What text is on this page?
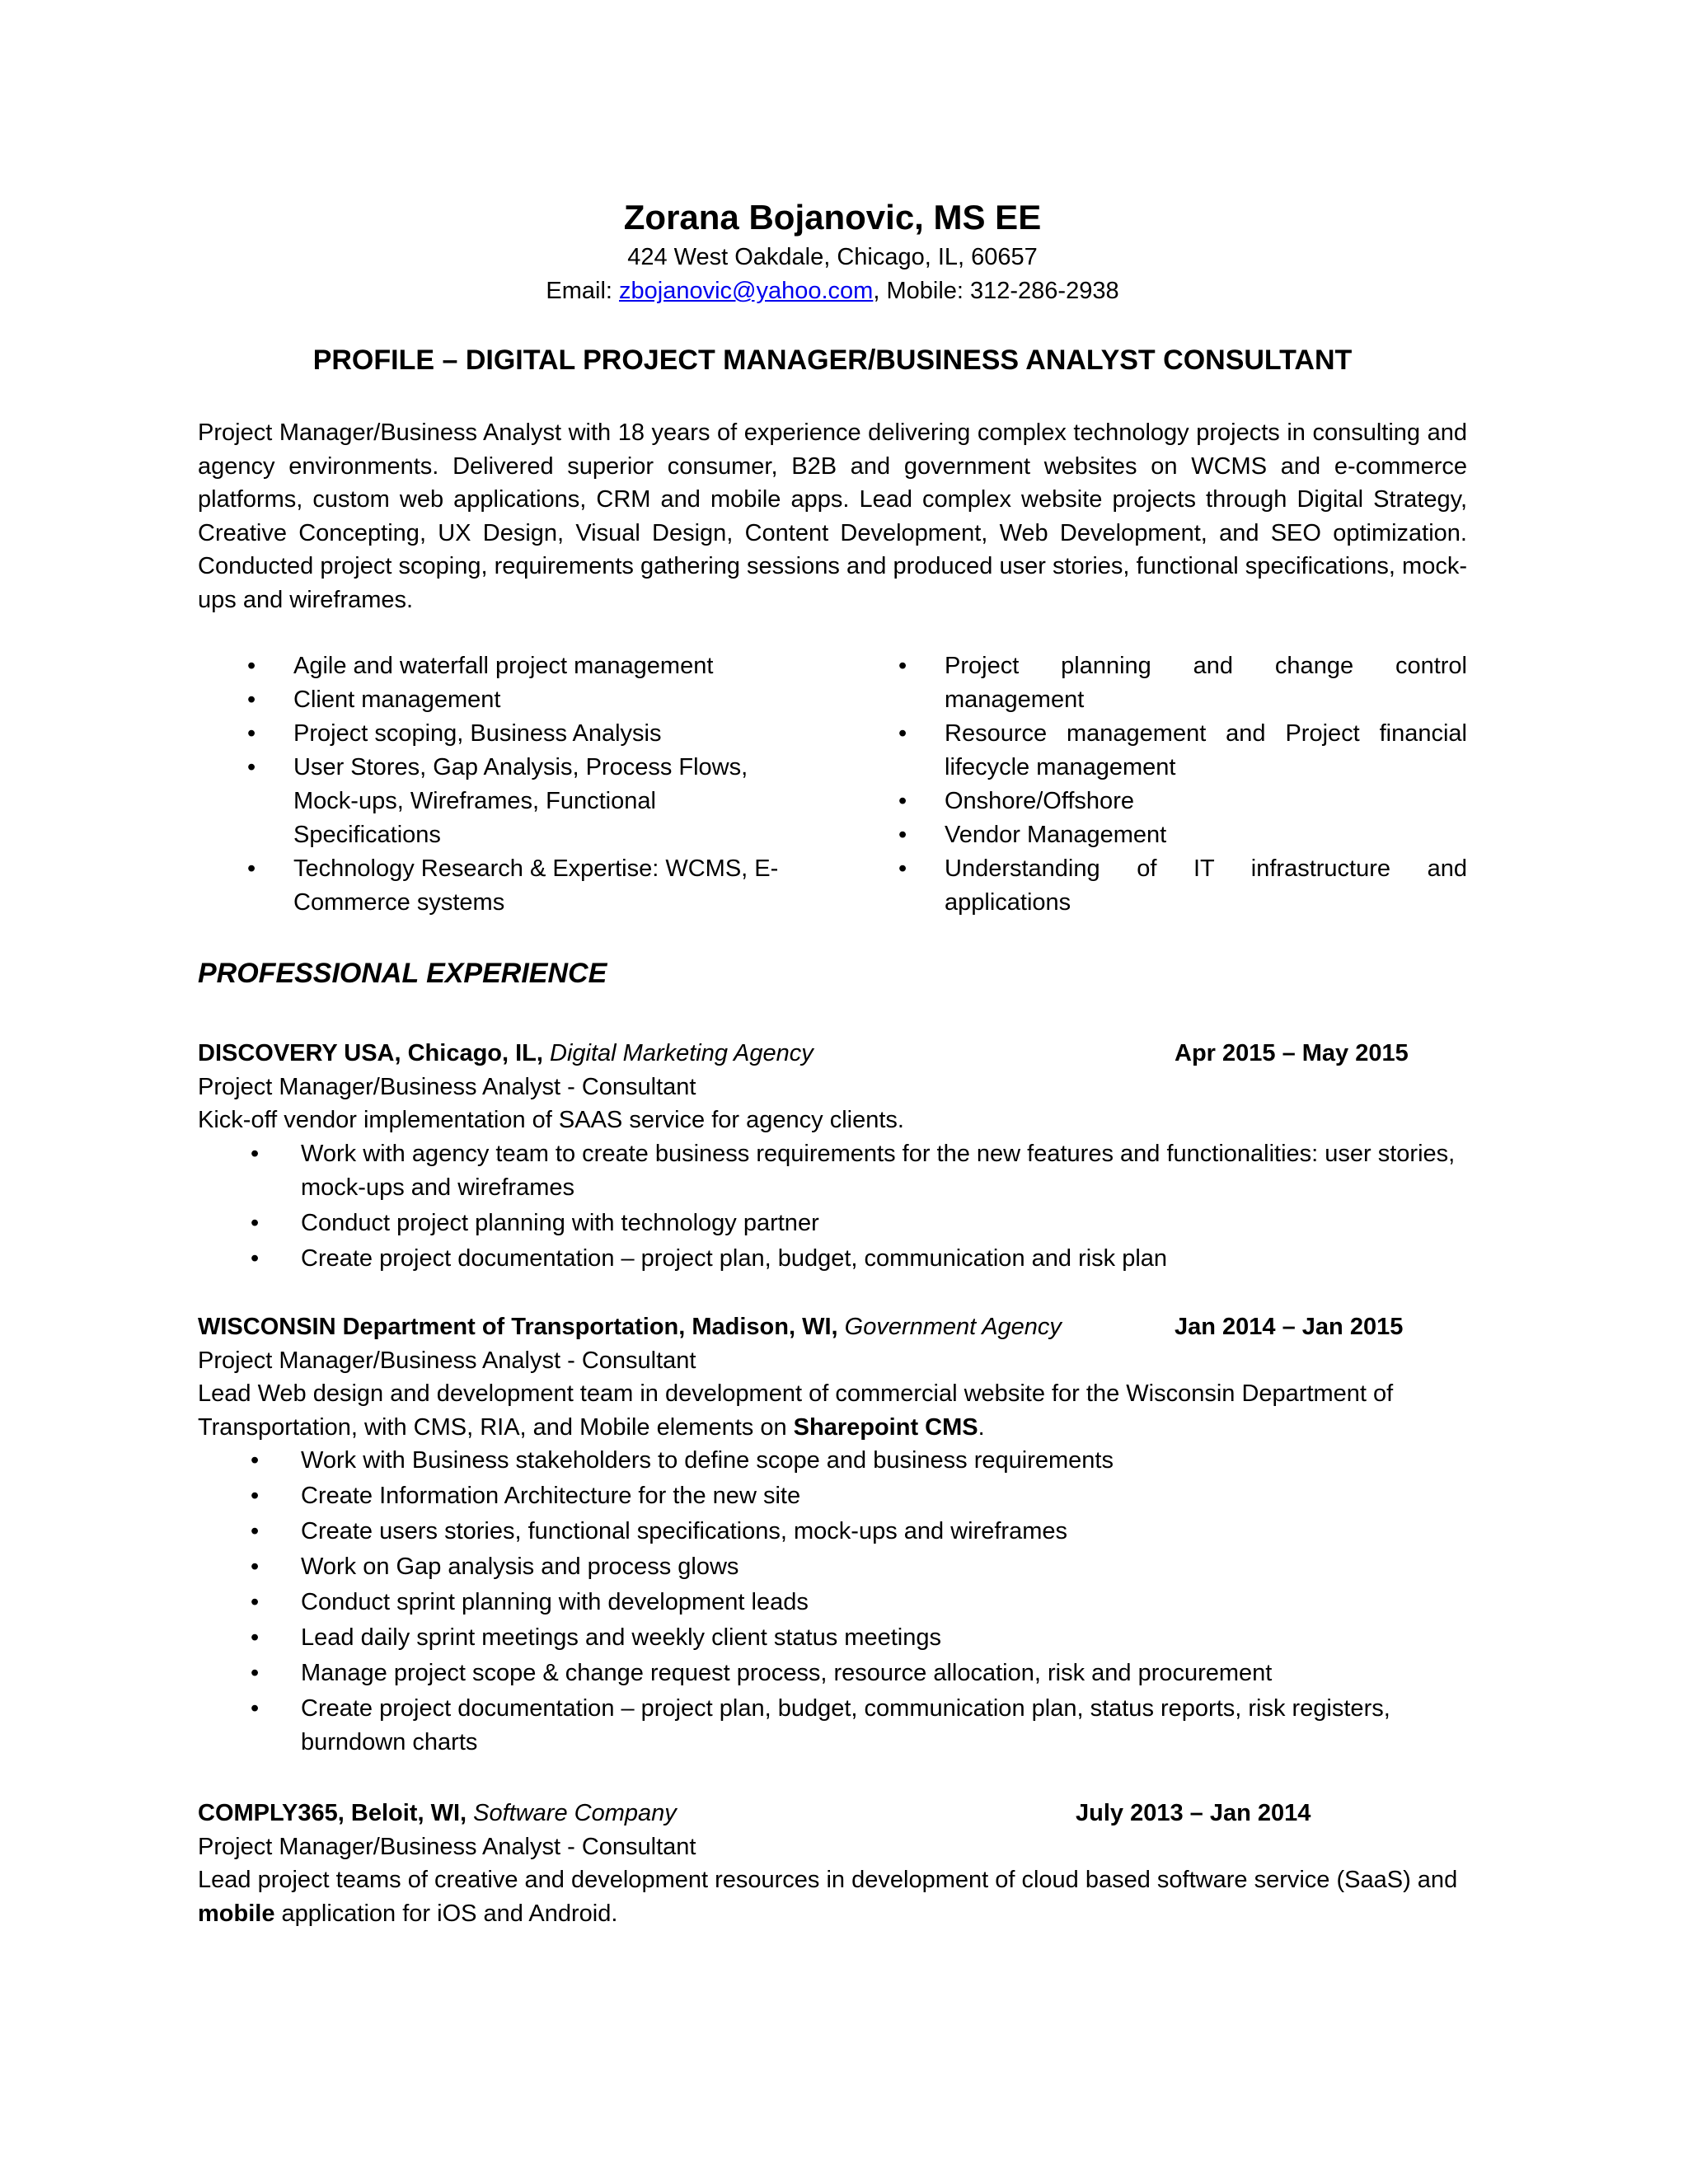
Zorana Bojanovic, MS EE
424 West Oakdale, Chicago, IL, 60657
Email: zbojanovic@yahoo.com, Mobile: 312-286-2938
PROFILE – DIGITAL PROJECT MANAGER/BUSINESS ANALYST CONSULTANT
Project Manager/Business Analyst with 18 years of experience delivering complex technology projects in consulting and agency environments. Delivered superior consumer, B2B and government websites on WCMS and e-commerce platforms, custom web applications, CRM and mobile apps. Lead complex website projects through Digital Strategy, Creative Concepting, UX Design, Visual Design, Content Development, Web Development, and SEO optimization. Conducted project scoping, requirements gathering sessions and produced user stories, functional specifications, mock-ups and wireframes.
• Agile and waterfall project management
• Client management
• Project scoping, Business Analysis
• User Stores, Gap Analysis, Process Flows, Mock-ups, Wireframes, Functional Specifications
• Technology Research & Expertise: WCMS, E-Commerce systems
• Project planning and change control management
• Resource management and Project financial lifecycle management
• Onshore/Offshore
• Vendor Management
• Understanding of IT infrastructure and applications
PROFESSIONAL EXPERIENCE
DISCOVERY USA, Chicago, IL, Digital Marketing Agency	Apr 2015 – May 2015
Project Manager/Business Analyst - Consultant
Kick-off vendor implementation of SAAS service for agency clients.
• Work with agency team to create business requirements for the new features and functionalities: user stories, mock-ups and wireframes
• Conduct project planning with technology partner
• Create project documentation – project plan, budget, communication and risk plan
WISCONSIN Department of Transportation, Madison, WI, Government Agency	Jan 2014 – Jan 2015
Project Manager/Business Analyst - Consultant
Lead Web design and development team in development of commercial website for the Wisconsin Department of Transportation, with CMS, RIA, and Mobile elements on Sharepoint CMS.
• Work with Business stakeholders to define scope and business requirements
• Create Information Architecture for the new site
• Create users stories, functional specifications, mock-ups and wireframes
• Work on Gap analysis and process glows
• Conduct sprint planning with development leads
• Lead daily sprint meetings and weekly client status meetings
• Manage project scope & change request process, resource allocation, risk and procurement
• Create project documentation – project plan, budget, communication plan, status reports, risk registers, burndown charts
COMPLY365, Beloit, WI, Software Company	July 2013 – Jan 2014
Project Manager/Business Analyst - Consultant
Lead project teams of creative and development resources in development of cloud based software service (SaaS) and mobile application for iOS and Android.
